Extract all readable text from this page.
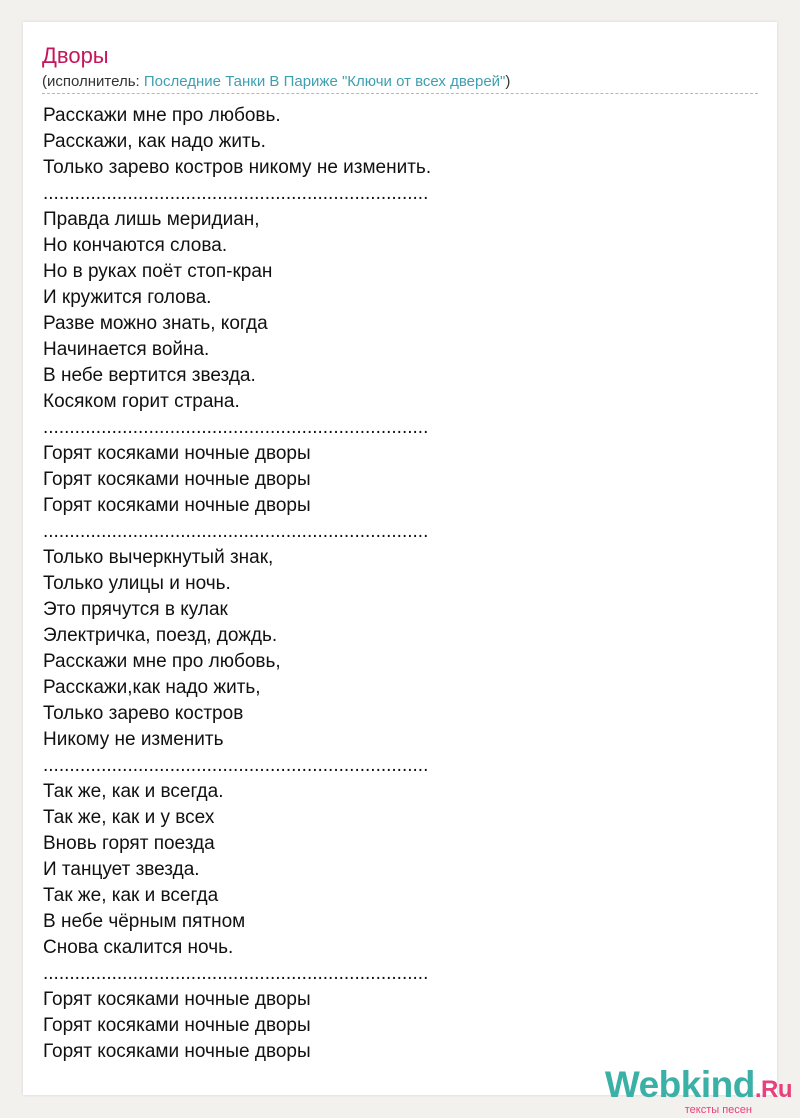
Дворы
(исполнитель: Последние Танки В Париже "Ключи от всех дверей")
Расскажи мне про любовь.
Расскажи, как надо жить.
Только зарево костров никому не изменить.
.........................................................................
Правда лишь меридиан,
Но кончаются слова.
Но в руках поёт стоп-кран
И кружится голова.
Разве можно знать, когда
Начинается война.
В небе вертится звезда.
Косяком горит страна.
.........................................................................
Горят косяками ночные дворы
Горят косяками ночные дворы
Горят косяками ночные дворы
.........................................................................
Только вычеркнутый знак,
Только улицы и ночь.
Это прячутся в кулак
Электричка, поезд, дождь.
Расскажи мне про любовь,
Расскажи,как надо жить,
Только зарево костров
Никому не изменить
.........................................................................
Так же, как и всегда.
Так же, как и у всех
Вновь горят поезда
И танцует звезда.
Так же, как и всегда
В небе чёрным пятном
Снова скалится ночь.
.........................................................................
Горят косяками ночные дворы
Горят косяками ночные дворы
Горят косяками ночные дворы
Webkind.Ru
тексты песен
